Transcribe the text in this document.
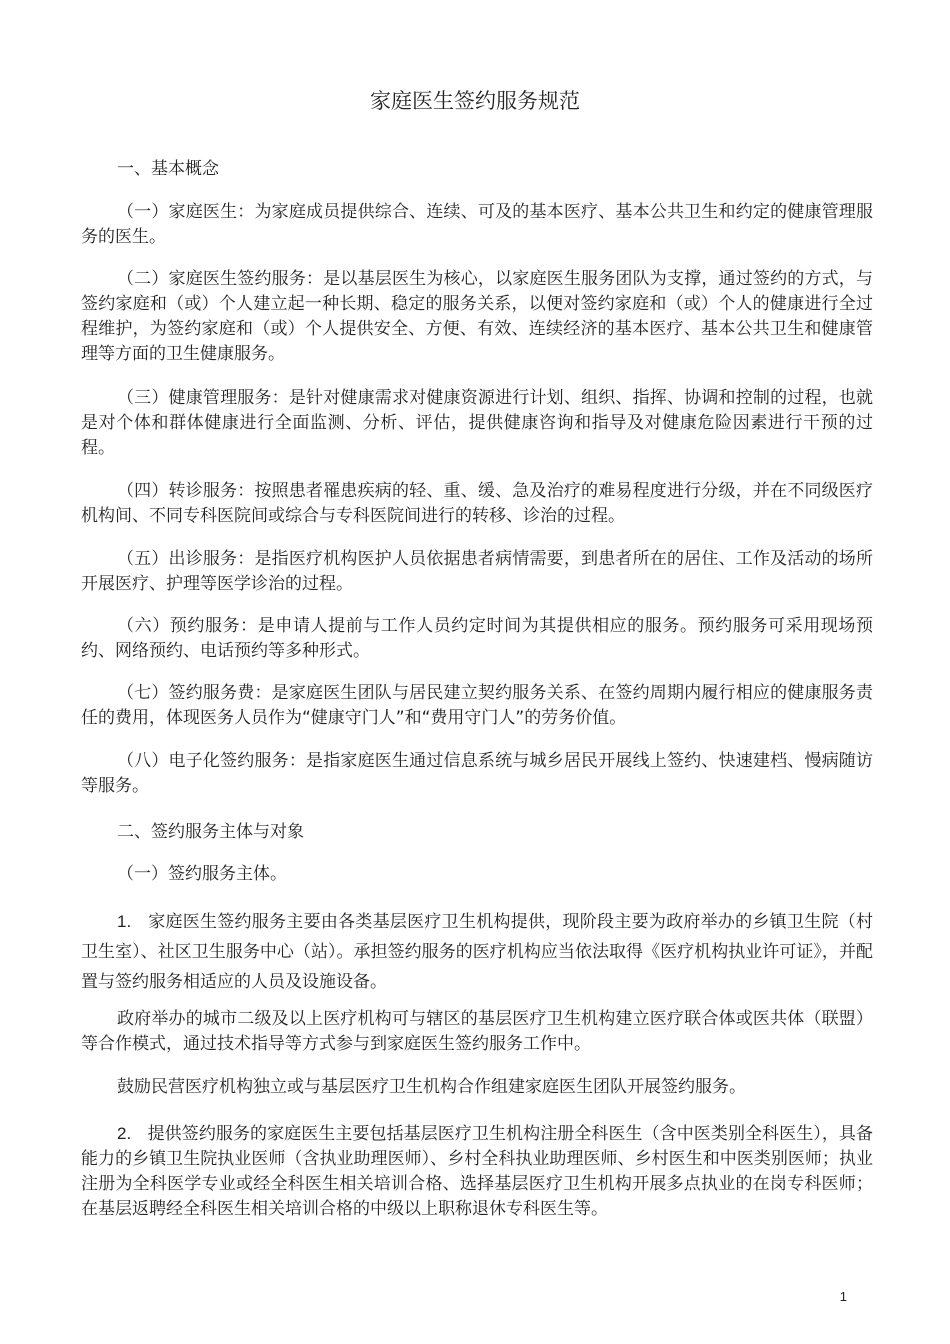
家庭医生签约服务规范

一、基本概念

（一）家庭医生：为家庭成员提供综合、连续、可及的基本医疗、基本公共卫生和约定的健康管理服务的医生。

（二）家庭医生签约服务：是以基层医生为核心，以家庭医生服务团队为支撑，通过签约的方式，与签约家庭和（或）个人建立起一种长期、稳定的服务关系，以便对签约家庭和（或）个人的健康进行全过程维护，为签约家庭和（或）个人提供安全、方便、有效、连续经济的基本医疗、基本公共卫生和健康管理等方面的卫生健康服务。

（三）健康管理服务：是针对健康需求对健康资源进行计划、组织、指挥、协调和控制的过程，也就是对个体和群体健康进行全面监测、分析、评估，提供健康咨询和指导及对健康危险因素进行干预的过程。

（四）转诊服务：按照患者罹患疾病的轻、重、缓、急及治疗的难易程度进行分级，并在不同级医疗机构间、不同专科医院间或综合与专科医院间进行的转移、诊治的过程。

（五）出诊服务：是指医疗机构医护人员依据患者病情需要，到患者所在的居住、工作及活动的场所开展医疗、护理等医学诊治的过程。

（六）预约服务：是申请人提前与工作人员约定时间为其提供相应的服务。预约服务可采用现场预约、网络预约、电话预约等多种形式。

（七）签约服务费：是家庭医生团队与居民建立契约服务关系、在签约周期内履行相应的健康服务责任的费用，体现医务人员作为“健康守门人”和“费用守门人”的劳务价值。

（八）电子化签约服务：是指家庭医生通过信息系统与城乡居民开展线上签约、快速建档、慢病随访等服务。

二、签约服务主体与对象

（一）签约服务主体。

1. 家庭医生签约服务主要由各类基层医疗卫生机构提供，现阶段主要为政府举办的乡镇卫生院（村卫生室）、社区卫生服务中心（站）。承担签约服务的医疗机构应当依法取得《医疗机构执业许可证》，并配置与签约服务相适应的人员及设施设备。

政府举办的城市二级及以上医疗机构可与辖区的基层医疗卫生机构建立医疗联合体或医共体（联盟）等合作模式，通过技术指导等方式参与到家庭医生签约服务工作中。

鼓励民营医疗机构独立或与基层医疗卫生机构合作组建家庭医生团队开展签约服务。

2. 提供签约服务的家庭医生主要包括基层医疗卫生机构注册全科医生（含中医类别全科医生），具备能力的乡镇卫生院执业医师（含执业助理医师）、乡村全科执业助理医师、乡村医生和中医类别医师；执业注册为全科医学专业或经全科医生相关培训合格、选择基层医疗卫生机构开展多点执业的在岗专科医师；在基层返聘经全科医生相关培训合格的中级以上职称退休专科医生等。

1
